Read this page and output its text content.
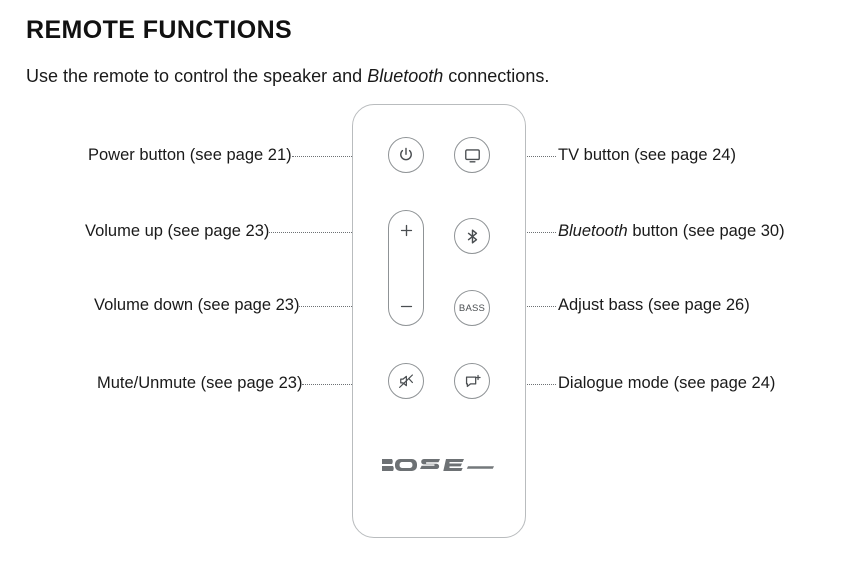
REMOTE FUNCTIONS
Use the remote to control the speaker and Bluetooth connections.
Power button (see page 21)
Volume up (see page 23)
Volume down (see page 23)
Mute/Unmute (see page 23)
TV button (see page 24)
Bluetooth button (see page 30)
Adjust bass (see page 26)
Dialogue mode (see page 24)
BASS
